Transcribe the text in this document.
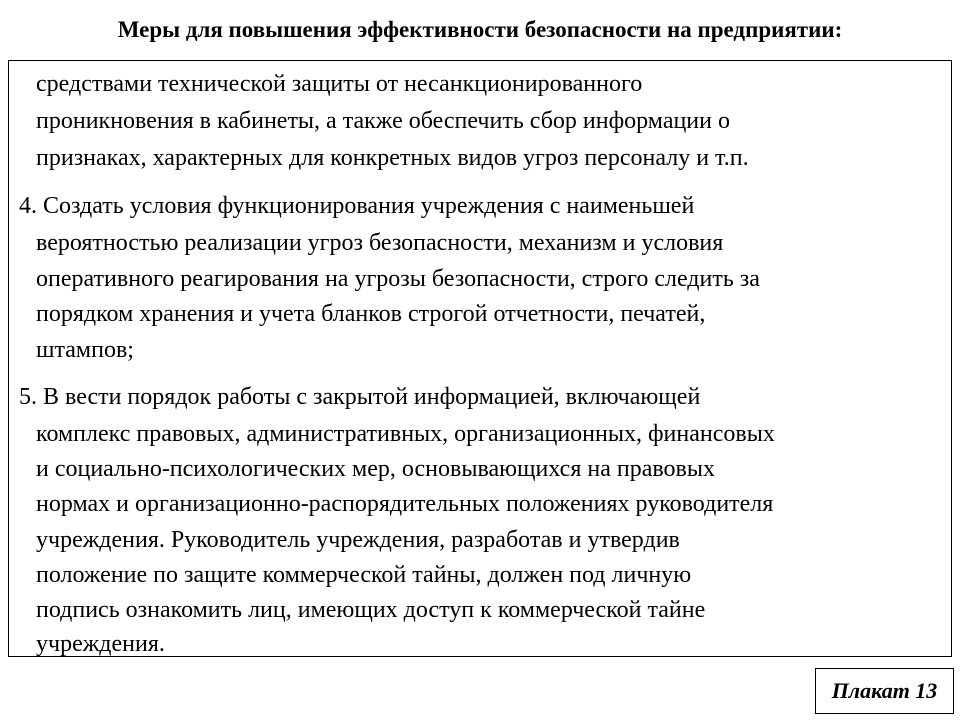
Меры для повышения эффективности безопасности на предприятии:
средствами технической защиты от несанкционированного
проникновения в кабинеты, а также обеспечить сбор информации о
признаках, характерных для конкретных видов угроз персоналу и т.п.
4. Создать условия функционирования учреждения с наименьшей
вероятностью реализации угроз безопасности, механизм и условия
оперативного реагирования на угрозы безопасности, строго следить за
порядком хранения и учета бланков строгой отчетности, печатей,
штампов;
5. В вести порядок работы с закрытой информацией, включающей
комплекс правовых, административных, организационных, финансовых
и социально-психологических мер, основывающихся на правовых
нормах и организационно-распорядительных положениях руководителя
учреждения. Руководитель учреждения, разработав и утвердив
положение по защите коммерческой тайны, должен под личную
подпись ознакомить лиц, имеющих доступ к коммерческой тайне
учреждения.
Плакат 13
